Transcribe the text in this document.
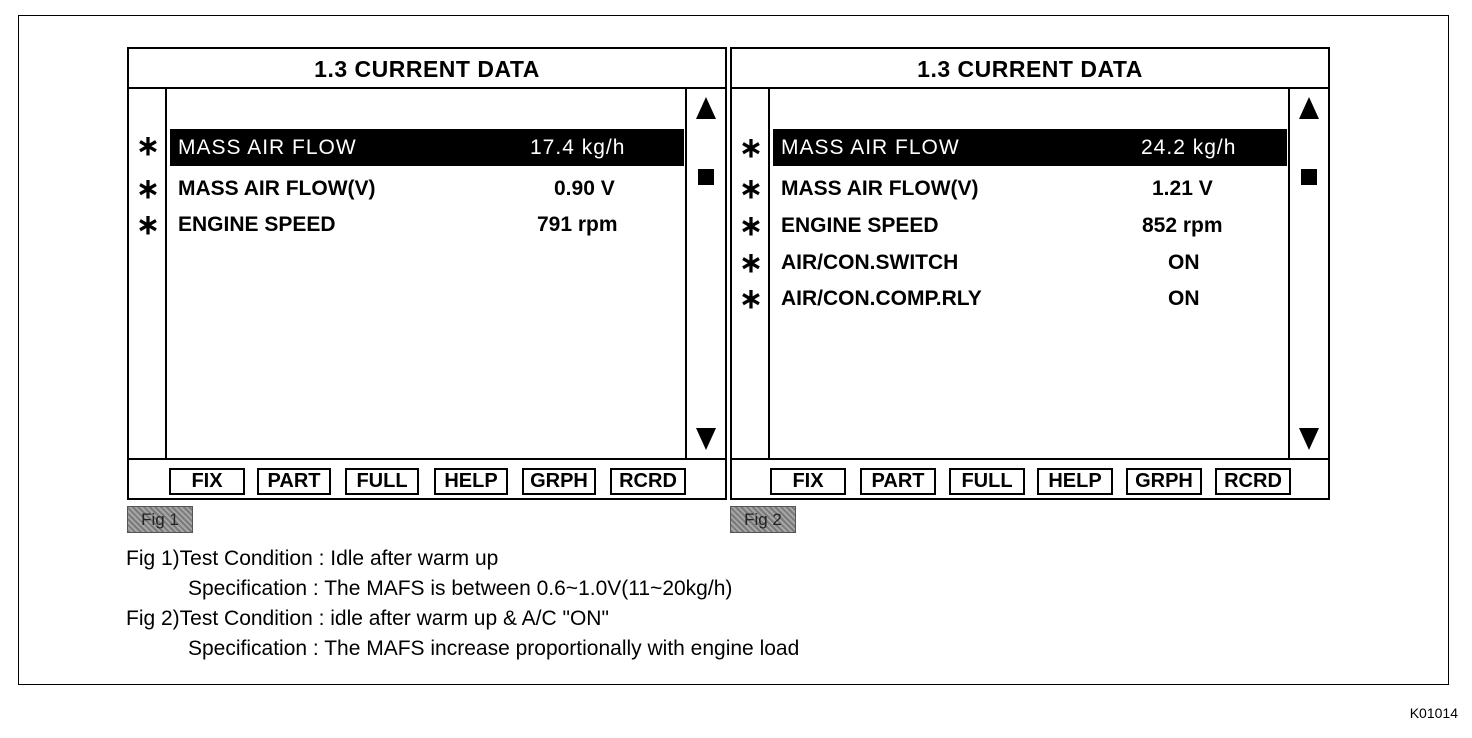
1.3 CURRENT DATA
MASS AIR FLOW	17.4 kg/h
∗
∗ MASS AIR FLOW(V)	0.90 V
∗ ENGINE SPEED	791 rpm
FIX	PART	FULL	HELP	GRPH	RCRD
Fig 1
1.3 CURRENT DATA
MASS AIR FLOW	24.2 kg/h
∗
∗ MASS AIR FLOW(V)	1.21 V
∗ ENGINE SPEED	852 rpm
∗ AIR/CON.SWITCH	ON
∗ AIR/CON.COMP.RLY	ON
FIX	PART	FULL	HELP	GRPH	RCRD
Fig 2
Fig 1)Test Condition : Idle after warm up
Specification : The MAFS is between 0.6~1.0V(11~20kg/h)
Fig 2)Test Condition : idle after warm up & A/C "ON"
Specification : The MAFS increase proportionally with engine load
K01014
